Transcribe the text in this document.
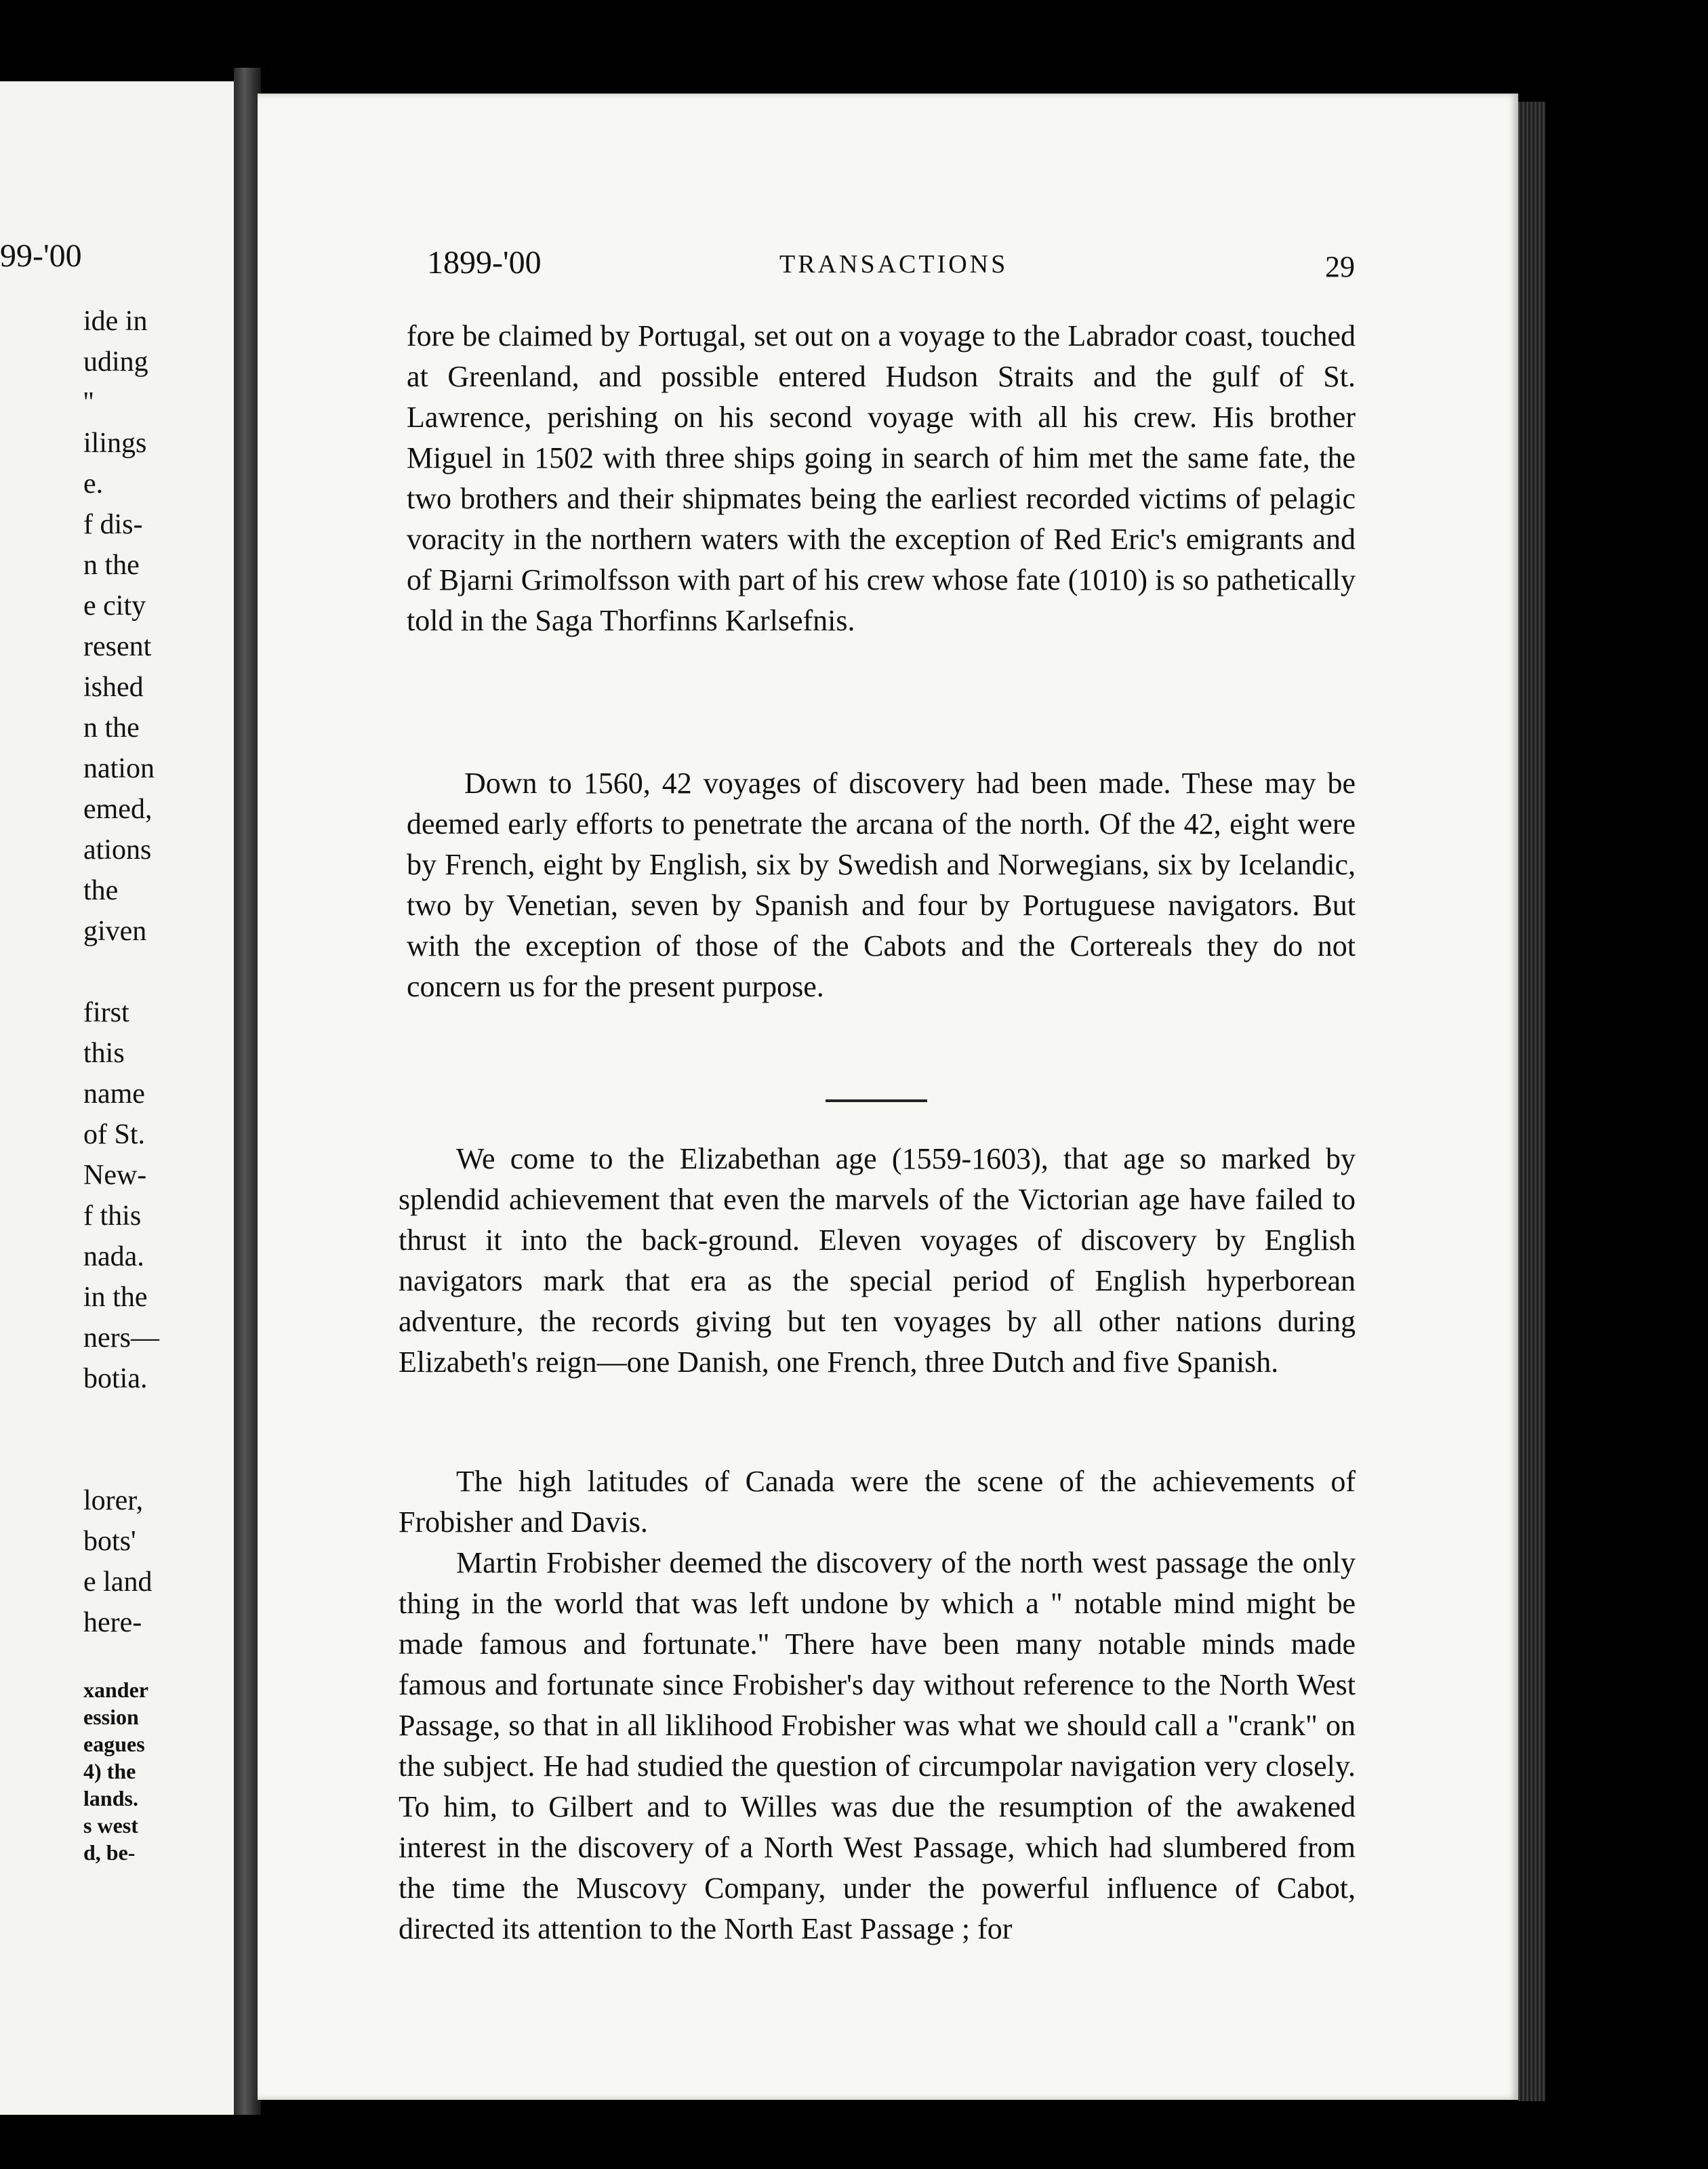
99-'00
ide in
uding
''
ilings
e.
f dis-
n the
e city
resent
ished
n the
nation
emed,
ations
the
given
first
this
name
of St.
New-
f this
nada.
in the
ners—
botia.
lorer,
bots'
e land
here-
xander
ession
eagues
4) the
lands.
s west
d, be-
1899-'00	TRANSACTIONS	29

fore be claimed by Portugal, set out on a voyage to the Labrador coast, touched at Greenland, and possible entered Hudson Straits and the gulf of St. Lawrence, perishing on his second voyage with all his crew. His brother Miguel in 1502 with three ships going in search of him met the same fate, the two brothers and their shipmates being the earliest recorded victims of pelagic voracity in the northern waters with the exception of Red Eric's emigrants and of Bjarni Grimolfsson with part of his crew whose fate (1010) is so pathetically told in the Saga Thorfinns Karlsefnis.

Down to 1560, 42 voyages of discovery had been made. These may be deemed early efforts to penetrate the arcana of the north. Of the 42, eight were by French, eight by English, six by Swedish and Norwegians, six by Icelandic, two by Venetian, seven by Spanish and four by Portuguese navigators. But with the exception of those of the Cabots and the Cortereals they do not concern us for the present purpose.

We come to the Elizabethan age (1559-1603), that age so marked by splendid achievement that even the marvels of the Victorian age have failed to thrust it into the back-ground. Eleven voyages of discovery by English navigators mark that era as the special period of English hyperborean adventure, the records giving but ten voyages by all other nations during Elizabeth's reign—one Danish, one French, three Dutch and five Spanish.

The high latitudes of Canada were the scene of the achievements of Frobisher and Davis.

Martin Frobisher deemed the discovery of the north west passage the only thing in the world that was left undone by which a " notable mind might be made famous and fortunate." There have been many notable minds made famous and fortunate since Frobisher's day without reference to the North West Passage, so that in all liklihood Frobisher was what we should call a "crank" on the subject. He had studied the question of circumpolar navigation very closely. To him, to Gilbert and to Willes was due the resumption of the awakened interest in the discovery of a North West Passage, which had slumbered from the time the Muscovy Company, under the powerful influence of Cabot, directed its attention to the North East Passage ; for
